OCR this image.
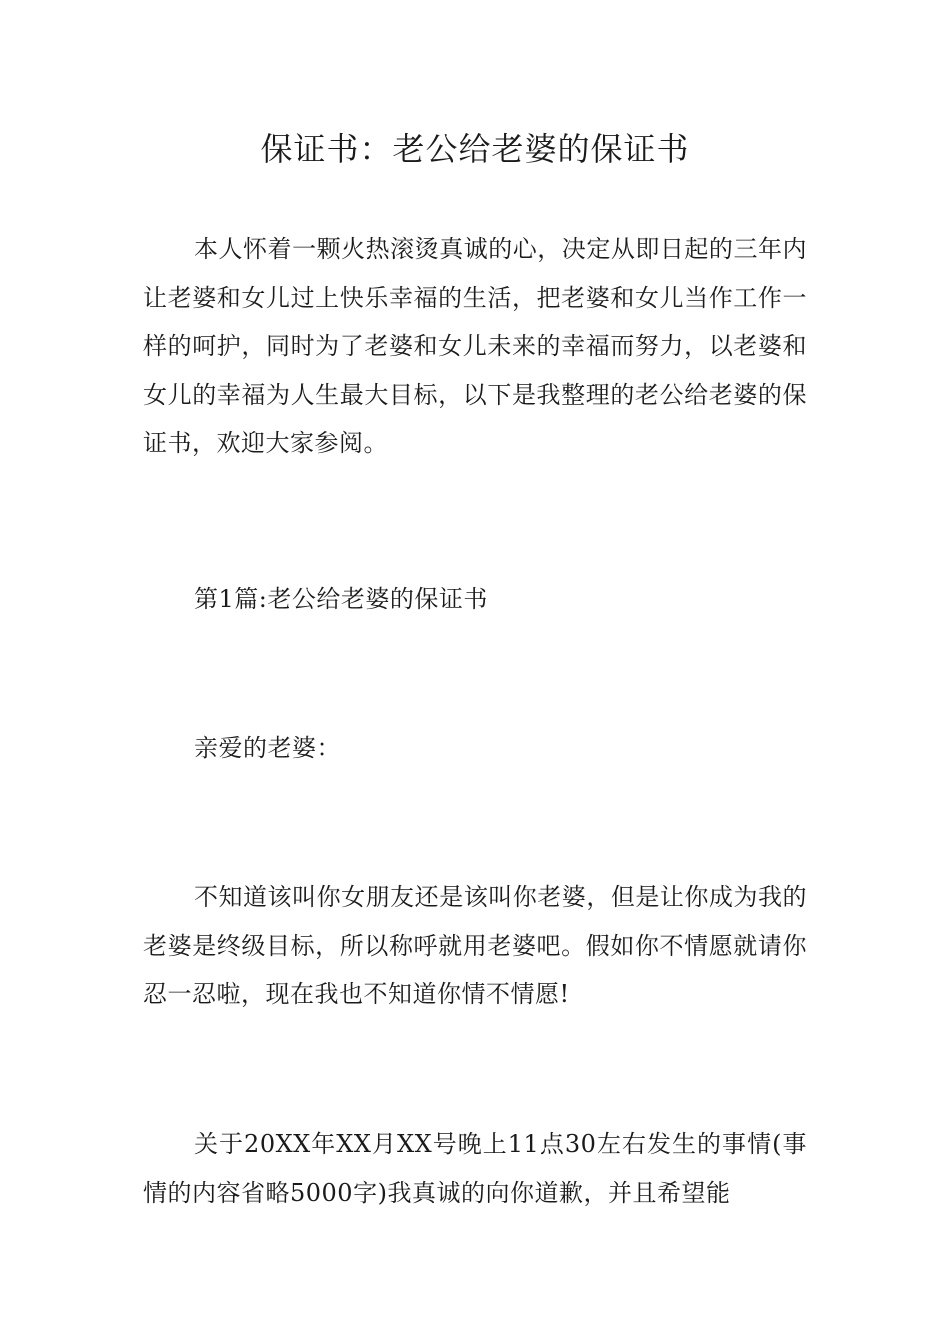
保证书：老公给老婆的保证书

本人怀着一颗火热滚烫真诚的心，决定从即日起的三年内让老婆和女儿过上快乐幸福的生活，把老婆和女儿当作工作一样的呵护，同时为了老婆和女儿未来的幸福而努力，以老婆和女儿的幸福为人生最大目标，以下是我整理的老公给老婆的保证书，欢迎大家参阅。

第1篇:老公给老婆的保证书

亲爱的老婆：

不知道该叫你女朋友还是该叫你老婆，但是让你成为我的老婆是终级目标，所以称呼就用老婆吧。假如你不情愿就请你忍一忍啦，现在我也不知道你情不情愿!

关于20XX年XX月XX号晚上11点30左右发生的事情(事情的内容省略5000字)我真诚的向你道歉，并且希望能
